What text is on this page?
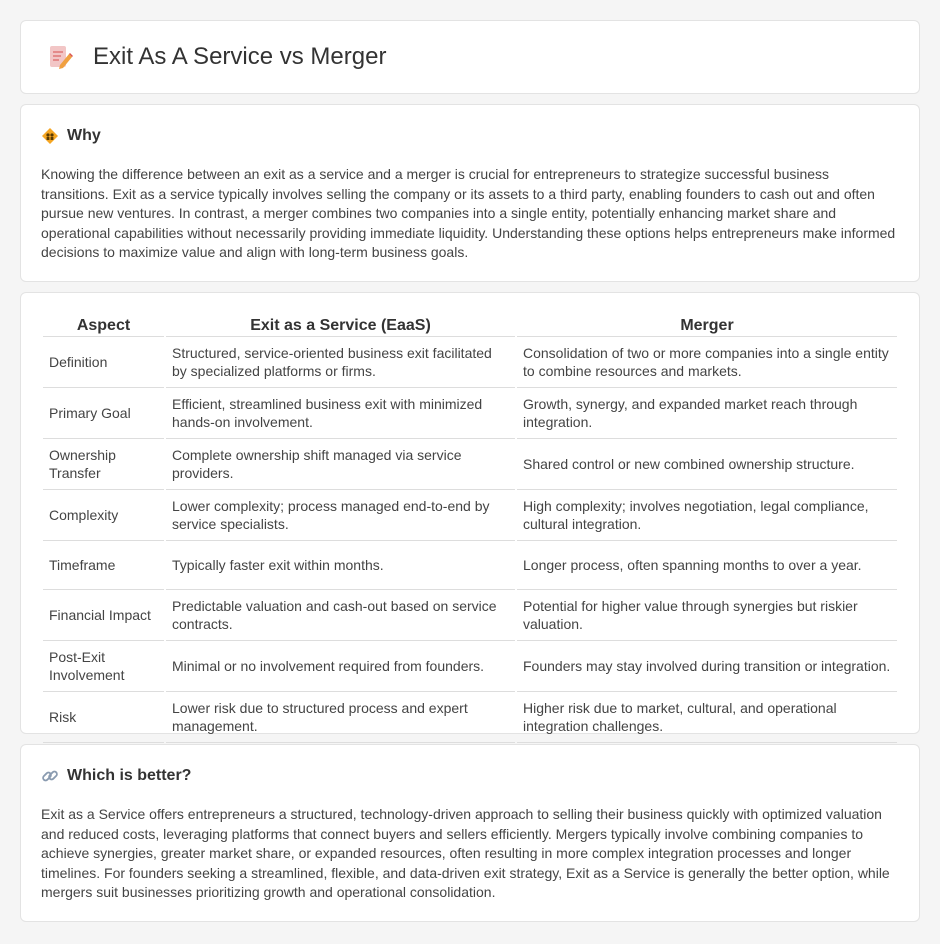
Exit As A Service vs Merger
Why

Knowing the difference between an exit as a service and a merger is crucial for entrepreneurs to strategize successful business transitions. Exit as a service typically involves selling the company or its assets to a third party, enabling founders to cash out and often pursue new ventures. In contrast, a merger combines two companies into a single entity, potentially enhancing market share and operational capabilities without necessarily providing immediate liquidity. Understanding these options helps entrepreneurs make informed decisions to maximize value and align with long-term business goals.

Aspect	Exit as a Service (EaaS)	Merger
Definition	Structured, service-oriented business exit facilitated by specialized platforms or firms.	Consolidation of two or more companies into a single entity to combine resources and markets.
Primary Goal	Efficient, streamlined business exit with minimized hands-on involvement.	Growth, synergy, and expanded market reach through integration.
Ownership Transfer	Complete ownership shift managed via service providers.	Shared control or new combined ownership structure.
Complexity	Lower complexity; process managed end-to-end by service specialists.	High complexity; involves negotiation, legal compliance, cultural integration.
Timeframe	Typically faster exit within months.	Longer process, often spanning months to over a year.
Financial Impact	Predictable valuation and cash-out based on service contracts.	Potential for higher value through synergies but riskier valuation.
Post-Exit Involvement	Minimal or no involvement required from founders.	Founders may stay involved during transition or integration.
Risk	Lower risk due to structured process and expert management.	Higher risk due to market, cultural, and operational integration challenges.
Which is better?

Exit as a Service offers entrepreneurs a structured, technology-driven approach to selling their business quickly with optimized valuation and reduced costs, leveraging platforms that connect buyers and sellers efficiently. Mergers typically involve combining companies to achieve synergies, greater market share, or expanded resources, often resulting in more complex integration processes and longer timelines. For founders seeking a streamlined, flexible, and data-driven exit strategy, Exit as a Service is generally the better option, while mergers suit businesses prioritizing growth and operational consolidation.
